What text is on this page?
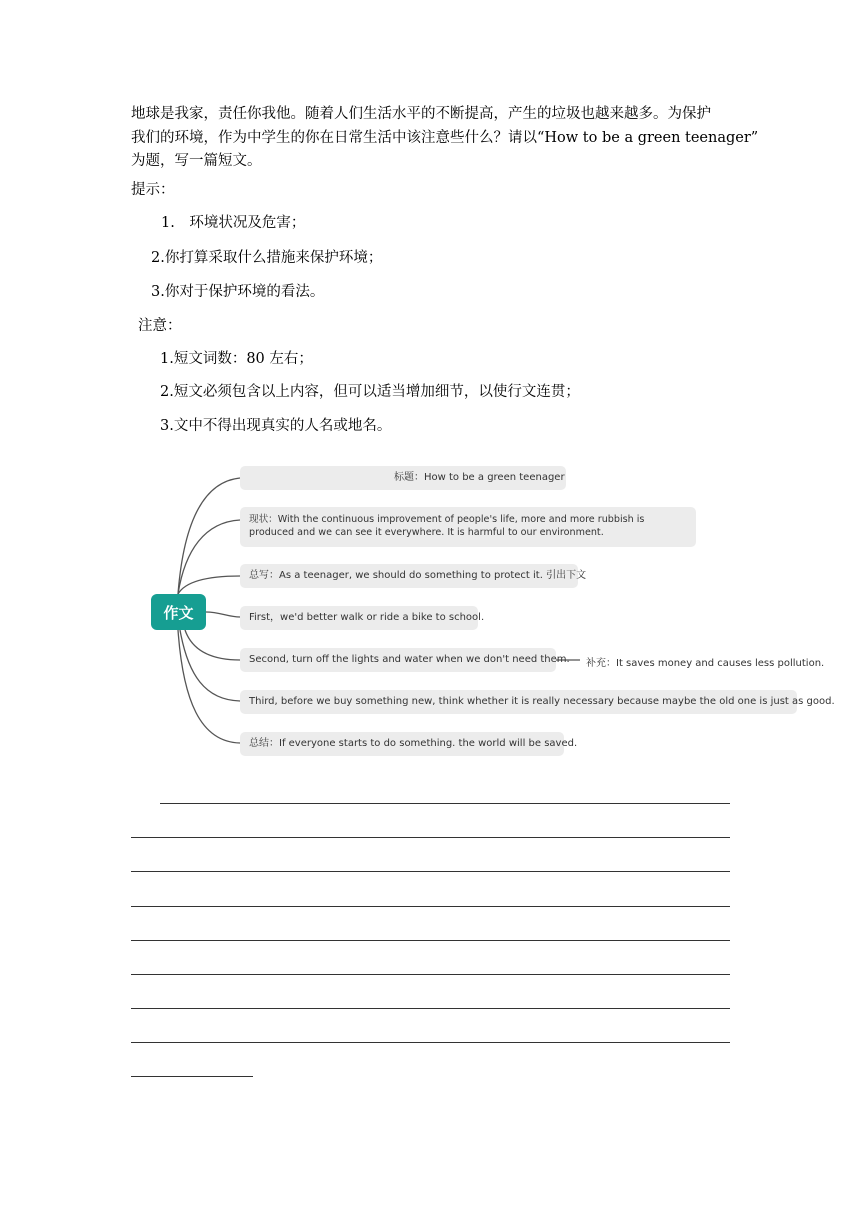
地球是我家，责任你我他。随着人们生活水平的不断提高，产生的垃圾也越来越多。为保护
我们的环境，作为中学生的你在日常生活中该注意些什么？请以“How to be a green teenager”
为题，写一篇短文。
提示：
1.　环境状况及危害；
2.你打算采取什么措施来保护环境；
3.你对于保护环境的看法。
注意：
1.短文词数：80 左右；
2.短文必须包含以上内容，但可以适当增加细节，以使行文连贯；
3.文中不得出现真实的人名或地名。
作文
标题：How to be a green teenager
现状：With the continuous improvement of people's life, more and more rubbish is produced and we can see it everywhere. It is harmful to our environment.
总写：As a teenager, we should do something to protect it. 引出下文
First，we'd better walk or ride a bike to school.
Second, turn off the lights and water when we don't need them.
Third, before we buy something new, think whether it is really necessary because maybe the old one is just as good.
总结：If everyone starts to do something. the world will be saved.
补充：It saves money and causes less pollution.
